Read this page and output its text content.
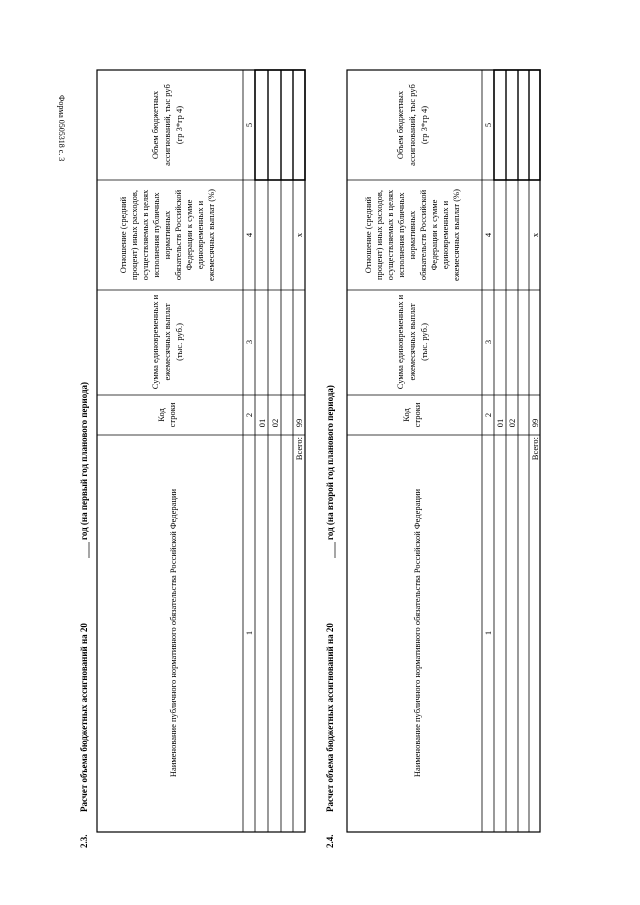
Форма 0505318 с. 3
2.3.
Расчет объема бюджетных ассигнований на 20
год (на первый год планового периода)
Наименование публичного нормативного обязательства Российской Федерации
Код строки
Сумма единовременных и ежемесячных выплат (тыс. руб.)
Отношение (средний процент) иных расходов, осуществляемых в целях исполнения публичных нормативных обязательств Российской Федерации к сумме единовременных и ежемесячных выплат (%)
Объем бюджетных ассигнований, тыс руб (гр 3*гр 4)
1
2
3
4
5
01 02
Всего:
99
x
2.4.
Расчет объема бюджетных ассигнований на 20
год (на второй год планового периода)
Наименование публичного нормативного обязательства Российской Федерации
Код строки
Сумма единовременных и ежемесячных выплат (тыс. руб.)
Отношение (средний процент) иных расходов, осуществляемых в целях исполнения публичных нормативных обязательств Российской Федерации к сумме единовременных и ежемесячных выплат (%)
Объем бюджетных ассигнований, тыс руб (гр 3*гр 4)
1
2
3
4
5
01 02
Всего:
99
x
